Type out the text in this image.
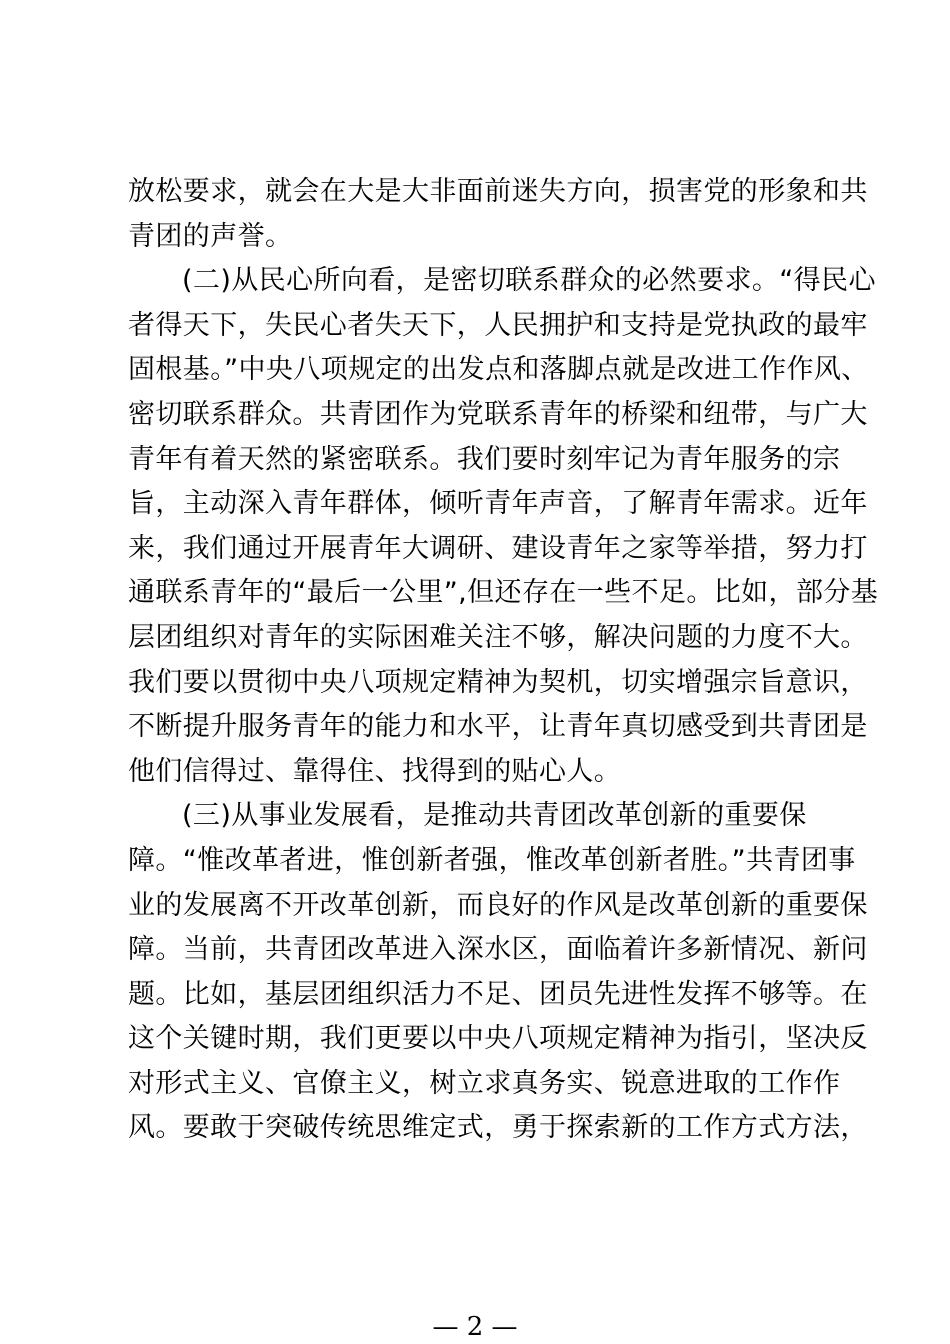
放松要求，就会在大是大非面前迷失方向，损害党的形象和共
青团的声誉。
(二)从民心所向看，是密切联系群众的必然要求。“得民心
者得天下，失民心者失天下，人民拥护和支持是党执政的最牢
固根基。”中央八项规定的出发点和落脚点就是改进工作作风、
密切联系群众。共青团作为党联系青年的桥梁和纽带，与广大
青年有着天然的紧密联系。我们要时刻牢记为青年服务的宗
旨，主动深入青年群体，倾听青年声音，了解青年需求。近年
来，我们通过开展青年大调研、建设青年之家等举措，努力打
通联系青年的“最后一公里”,但还存在一些不足。比如，部分基
层团组织对青年的实际困难关注不够，解决问题的力度不大。
我们要以贯彻中央八项规定精神为契机，切实增强宗旨意识，
不断提升服务青年的能力和水平，让青年真切感受到共青团是
他们信得过、靠得住、找得到的贴心人。
(三)从事业发展看，是推动共青团改革创新的重要保
障。“惟改革者进，惟创新者强，惟改革创新者胜。”共青团事
业的发展离不开改革创新，而良好的作风是改革创新的重要保
障。当前，共青团改革进入深水区，面临着许多新情况、新问
题。比如，基层团组织活力不足、团员先进性发挥不够等。在
这个关键时期，我们更要以中央八项规定精神为指引，坚决反
对形式主义、官僚主义，树立求真务实、锐意进取的工作作
风。要敢于突破传统思维定式，勇于探索新的工作方式方法，
— 2 —
